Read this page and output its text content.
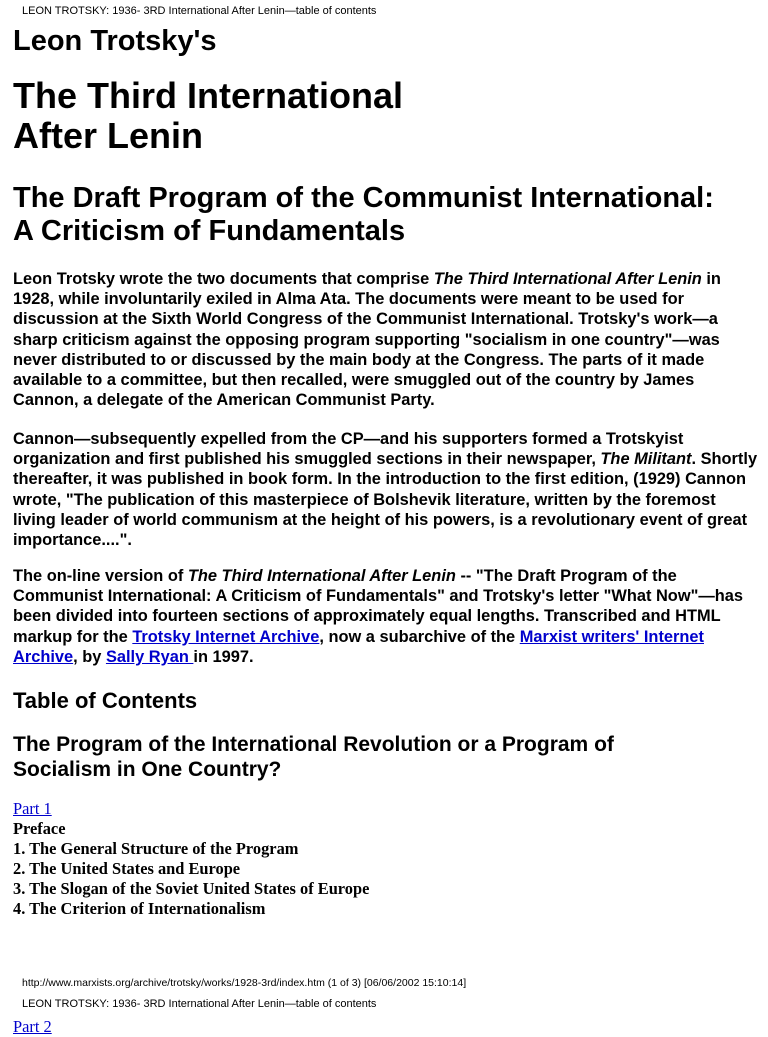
LEON TROTSKY: 1936- 3RD International After Lenin—table of contents
Leon Trotsky's
The Third International
After Lenin
The Draft Program of the Communist International:
A Criticism of Fundamentals

Leon Trotsky wrote the two documents that comprise The Third International After Lenin in 1928, while involuntarily exiled in Alma Ata. The documents were meant to be used for discussion at the Sixth World Congress of the Communist International. Trotsky's work—a sharp criticism against the opposing program supporting "socialism in one country"—was never distributed to or discussed by the main body at the Congress. The parts of it made available to a committee, but then recalled, were smuggled out of the country by James Cannon, a delegate of the American Communist Party.

Cannon—subsequently expelled from the CP—and his supporters formed a Trotskyist organization and first published his smuggled sections in their newspaper, The Militant. Shortly thereafter, it was published in book form. In the introduction to the first edition, (1929) Cannon wrote, "The publication of this masterpiece of Bolshevik literature, written by the foremost living leader of world communism at the height of his powers, is a revolutionary event of great importance....".

The on-line version of The Third International After Lenin -- "The Draft Program of the Communist International: A Criticism of Fundamentals" and Trotsky's letter "What Now"—has been divided into fourteen sections of approximately equal lengths. Transcribed and HTML markup for the Trotsky Internet Archive, now a subarchive of the Marxist writers' Internet Archive, by Sally Ryan in 1997.

Table of Contents
The Program of the International Revolution or a Program of Socialism in One Country?
Part 1
Preface
1. The General Structure of the Program
2. The United States and Europe
3. The Slogan of the Soviet United States of Europe
4. The Criterion of Internationalism
http://www.marxists.org/archive/trotsky/works/1928-3rd/index.htm (1 of 3) [06/06/2002 15:10:14]
LEON TROTSKY: 1936- 3RD International After Lenin—table of contents
Part 2
